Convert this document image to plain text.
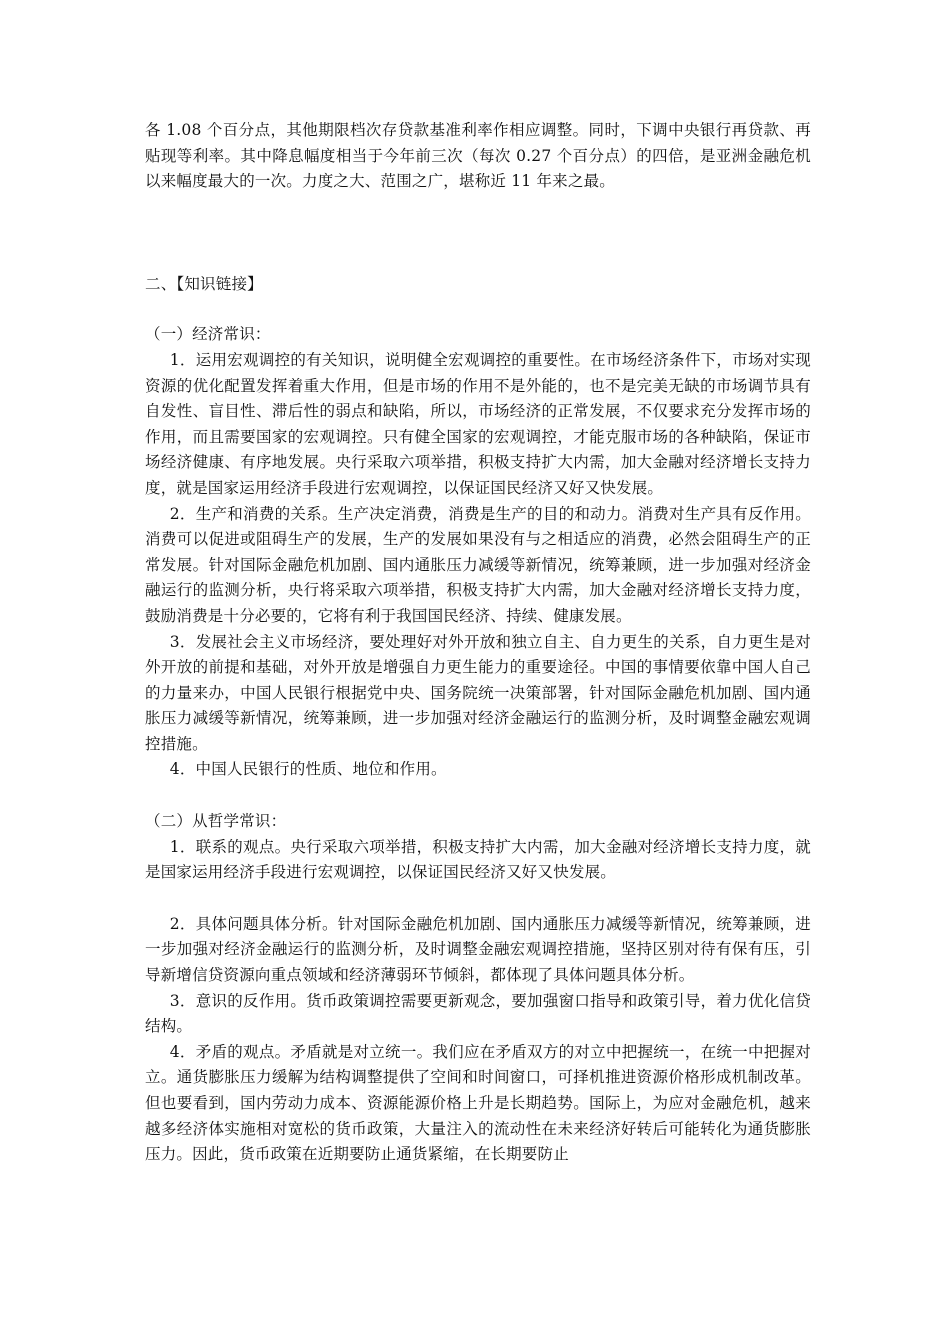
各 1.08 个百分点，其他期限档次存贷款基准利率作相应调整。同时，下调中央银行再贷款、再贴现等利率。其中降息幅度相当于今年前三次（每次 0.27 个百分点）的四倍，是亚洲金融危机以来幅度最大的一次。力度之大、范围之广，堪称近 11 年来之最。

二、【知识链接】

（一）经济常识：

1．运用宏观调控的有关知识，说明健全宏观调控的重要性。在市场经济条件下，市场对实现资源的优化配置发挥着重大作用，但是市场的作用不是外能的，也不是完美无缺的市场调节具有自发性、盲目性、滞后性的弱点和缺陷，所以，市场经济的正常发展，不仅要求充分发挥市场的作用，而且需要国家的宏观调控。只有健全国家的宏观调控，才能克服市场的各种缺陷，保证市场经济健康、有序地发展。央行采取六项举措，积极支持扩大内需，加大金融对经济增长支持力度，就是国家运用经济手段进行宏观调控，以保证国民经济又好又快发展。

2．生产和消费的关系。生产决定消费，消费是生产的目的和动力。消费对生产具有反作用。消费可以促进或阻碍生产的发展，生产的发展如果没有与之相适应的消费，必然会阻碍生产的正常发展。针对国际金融危机加剧、国内通胀压力减缓等新情况，统筹兼顾，进一步加强对经济金融运行的监测分析，央行将采取六项举措，积极支持扩大内需，加大金融对经济增长支持力度，鼓励消费是十分必要的，它将有利于我国国民经济、持续、健康发展。

3．发展社会主义市场经济，要处理好对外开放和独立自主、自力更生的关系，自力更生是对外开放的前提和基础，对外开放是增强自力更生能力的重要途径。中国的事情要依靠中国人自己的力量来办，中国人民银行根据党中央、国务院统一决策部署，针对国际金融危机加剧、国内通胀压力减缓等新情况，统筹兼顾，进一步加强对经济金融运行的监测分析，及时调整金融宏观调控措施。

4．中国人民银行的性质、地位和作用。

（二）从哲学常识：

1．联系的观点。央行采取六项举措，积极支持扩大内需，加大金融对经济增长支持力度，就是国家运用经济手段进行宏观调控，以保证国民经济又好又快发展。

2．具体问题具体分析。针对国际金融危机加剧、国内通胀压力减缓等新情况，统筹兼顾，进一步加强对经济金融运行的监测分析，及时调整金融宏观调控措施，坚持区别对待有保有压，引导新增信贷资源向重点领域和经济薄弱环节倾斜，都体现了具体问题具体分析。

3．意识的反作用。货币政策调控需要更新观念，要加强窗口指导和政策引导，着力优化信贷结构。

4．矛盾的观点。矛盾就是对立统一。我们应在矛盾双方的对立中把握统一，在统一中把握对立。通货膨胀压力缓解为结构调整提供了空间和时间窗口，可择机推进资源价格形成机制改革。但也要看到，国内劳动力成本、资源能源价格上升是长期趋势。国际上，为应对金融危机，越来越多经济体实施相对宽松的货币政策，大量注入的流动性在未来经济好转后可能转化为通货膨胀压力。因此，货币政策在近期要防止通货紧缩，在长期要防止
